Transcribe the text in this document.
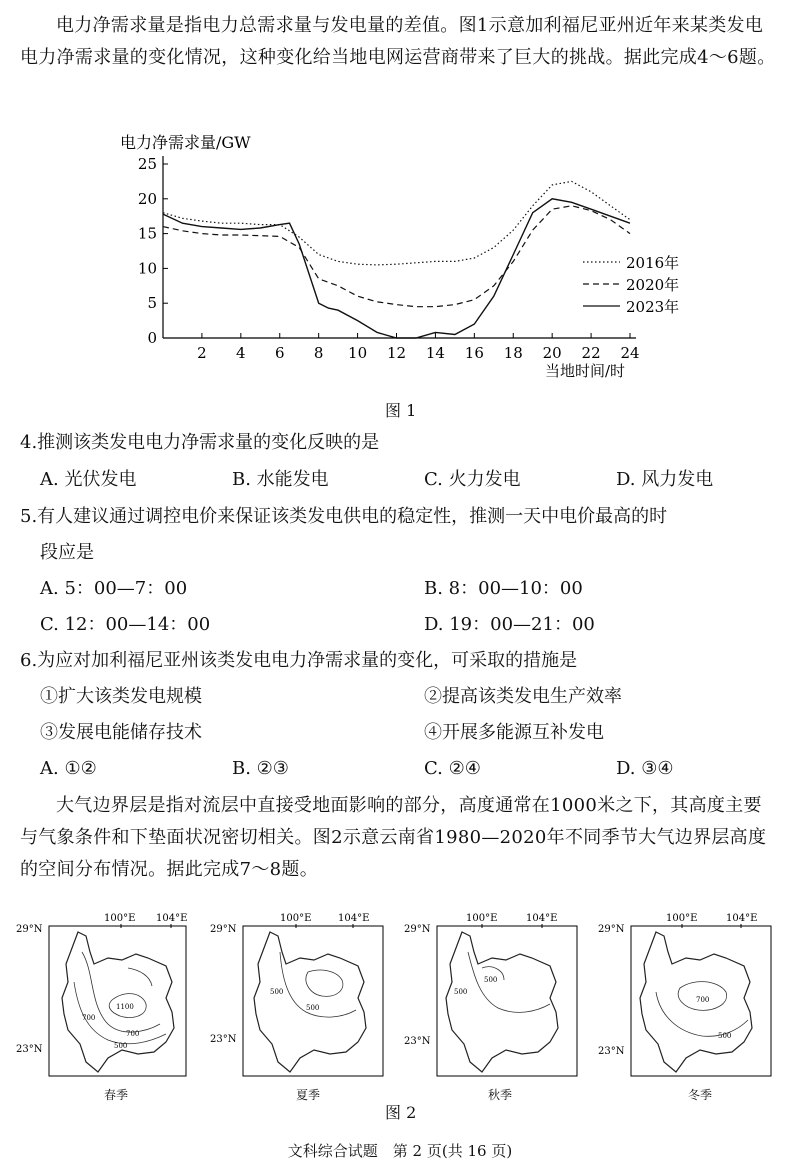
电力净需求量是指电力总需求量与发电量的差值。图1示意加利福尼亚州近年来某类发电电力净需求量的变化情况，这种变化给当地电网运营商带来了巨大的挑战。据此完成4～6题。
0
5
10
15
20
25
2 4 6 8 10 12 14 16 18 20 22 24
电力净需求量/GW
当地时间/时
2016年
2020年
2023年
图 1
4.推测该类发电电力净需求量的变化反映的是
A. 光伏发电	B. 水能发电	C. 火力发电	D. 风力发电
5.有人建议通过调控电价来保证该类发电供电的稳定性，推测一天中电价最高的时
段应是
A. 5：00—7：00	B. 8：00—10：00
C. 12：00—14：00	D. 19：00—21：00
6.为应对加利福尼亚州该类发电电力净需求量的变化，可采取的措施是
①扩大该类发电规模	②提高该类发电生产效率
③发展电能储存技术	④开展多能源互补发电
A. ①②	B. ②③	C. ②④	D. ③④
大气边界层是指对流层中直接受地面影响的部分，高度通常在1000米之下，其高度主要与气象条件和下垫面状况密切相关。图2示意云南省1980—2020年不同季节大气边界层高度的空间分布情况。据此完成7～8题。
100°E 104°E
29°N
23°N
700
1100
700
500
春季
100°E	104°E
29°N
23°N
500
500
夏季
100°E	104°E
29°N
23°N
500
500
秋季
100°E	104°E
29°N
23°N
700
500
冬季
图 2
文科综合试题　第 2 页(共 16 页)
